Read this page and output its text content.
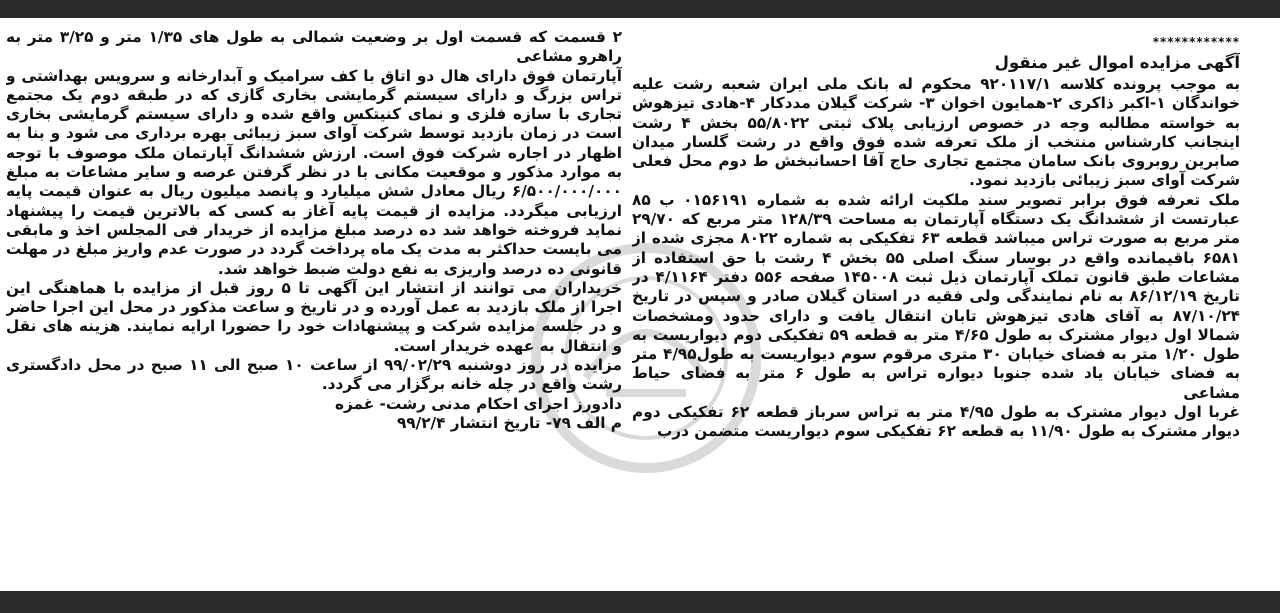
************
آگهی مزایده اموال غیر منقول

به موجب پرونده کلاسه ۹۲۰۱۱۷/۱ محکوم له بانک ملی ایران شعبه رشت علیه خواندگان ۱-اکبر ذاکری ۲-همایون اخوان ۳- شرکت گیلان مددکار ۴-هادی تیزهوش به خواسته مطالبه وجه در خصوص ارزیابی پلاک ثبتی ۵۵/۸۰۲۲ بخش ۴ رشت اینجانب کارشناس منتخب از ملک تعرفه شده فوق واقع در رشت گلسار میدان صابرین روبروی بانک سامان مجتمع تجاری حاج آقا احسانبخش ط دوم محل فعلی شرکت آوای سبز زیبائی بازدید نمود.

ملک تعرفه فوق برابر تصویر سند ملکیت ارائه شده به شماره ۰۱۵۶۱۹۱ ب ۸۵ عبارتست از ششدانگ یک دستگاه آپارتمان به مساحت ۱۲۸/۳۹ متر مربع که ۲۹/۷۰ متر مربع به صورت تراس میباشد قطعه ۶۳ تفکیکی به شماره ۸۰۲۲ مجزی شده از ۶۵۸۱ باقیمانده واقع در بوسار سنگ اصلی ۵۵ بخش ۴ رشت با حق استفاده از مشاعات طبق قانون تملک آپارتمان ذیل ثبت ۱۴۵۰۰۸ صفحه ۵۵۶ دفتر ۴/۱۱۶۴ در تاریخ ۸۶/۱۲/۱۹ به نام نمایندگی ولی فقیه در استان گیلان صادر و سپس در تاریخ ۸۷/۱۰/۲۴ به آقای هادی تیزهوش تابان انتقال یافت و دارای حدود ومشخصات شمالا اول دیوار مشترک به طول ۴/۶۵ متر به قطعه ۵۹ تفکیکی دوم دیواریست به طول ۱/۲۰ متر به فضای خیابان ۳۰ متری مرقوم سوم دیواریست به طول۴/۹۵ متر به فضای خیابان یاد شده جنوبا دیواره تراس به طول ۶ متر به فضای حیاط مشاعی

غربا اول دیوار مشترک به طول ۴/۹۵ متر به تراس سرباز قطعه ۶۲ تفکیکی دوم دیوار مشترک به طول ۱۱/۹۰ به قطعه ۶۲ تفکیکی سوم دیواریست متضمن درب

۲ قسمت که قسمت اول بر وضعیت شمالی به طول های ۱/۳۵ متر و ۳/۲۵ متر به راهرو مشاعی

آپارتمان فوق دارای هال دو اتاق با کف سرامیک و آبدارخانه و سرویس بهداشتی و تراس بزرگ و دارای سیستم گرمایشی بخاری گازی که در طبقه دوم یک مجتمع تجاری با سازه فلزی و نمای کنیتکس واقع شده و دارای سیستم گرمایشی بخاری است در زمان بازدید توسط شرکت آوای سبز زیبائی بهره برداری می شود و بنا به اظهار در اجاره شرکت فوق است. ارزش ششدانگ آپارتمان ملک موصوف با توجه به موارد مذکور و موقعیت مکانی با در نظر گرفتن عرصه و سایر مشاعات به مبلغ ۶/۵۰۰/۰۰۰/۰۰۰ ریال معادل شش میلیارد و پانصد میلیون ریال به عنوان قیمت پایه ارزیابی میگردد. مزایده از قیمت پایه آغاز به کسی که بالاترین قیمت را پیشنهاد نماید فروخته خواهد شد ده درصد مبلغ مزایده از خریدار فی المجلس اخذ و مابقی می بایست حداکثر به مدت یک ماه پرداخت گردد در صورت عدم واریز مبلغ در مهلت قانونی ده درصد واریزی به نفع دولت ضبط خواهد شد.

خریداران می توانند از انتشار این آگهی تا ۵ روز قبل از مزایده با هماهنگی این اجرا از ملک بازدید به عمل آورده و در تاریخ و ساعت مذکور در محل این اجرا حاضر و در جلسه مزایده شرکت و پیشنهادات خود را حضورا ارایه نمایند. هزینه های نقل و انتقال به عهده خریدار است.

مزایده در روز دوشنبه ۹۹/۰۲/۲۹ از ساعت ۱۰ صبح الی ۱۱ صبح در محل دادگستری رشت واقع در چله خانه برگزار می گردد.

دادورز اجرای احکام مدنی رشت- غمزه

م الف ۷۹- تاریخ انتشار ۹۹/۲/۴
